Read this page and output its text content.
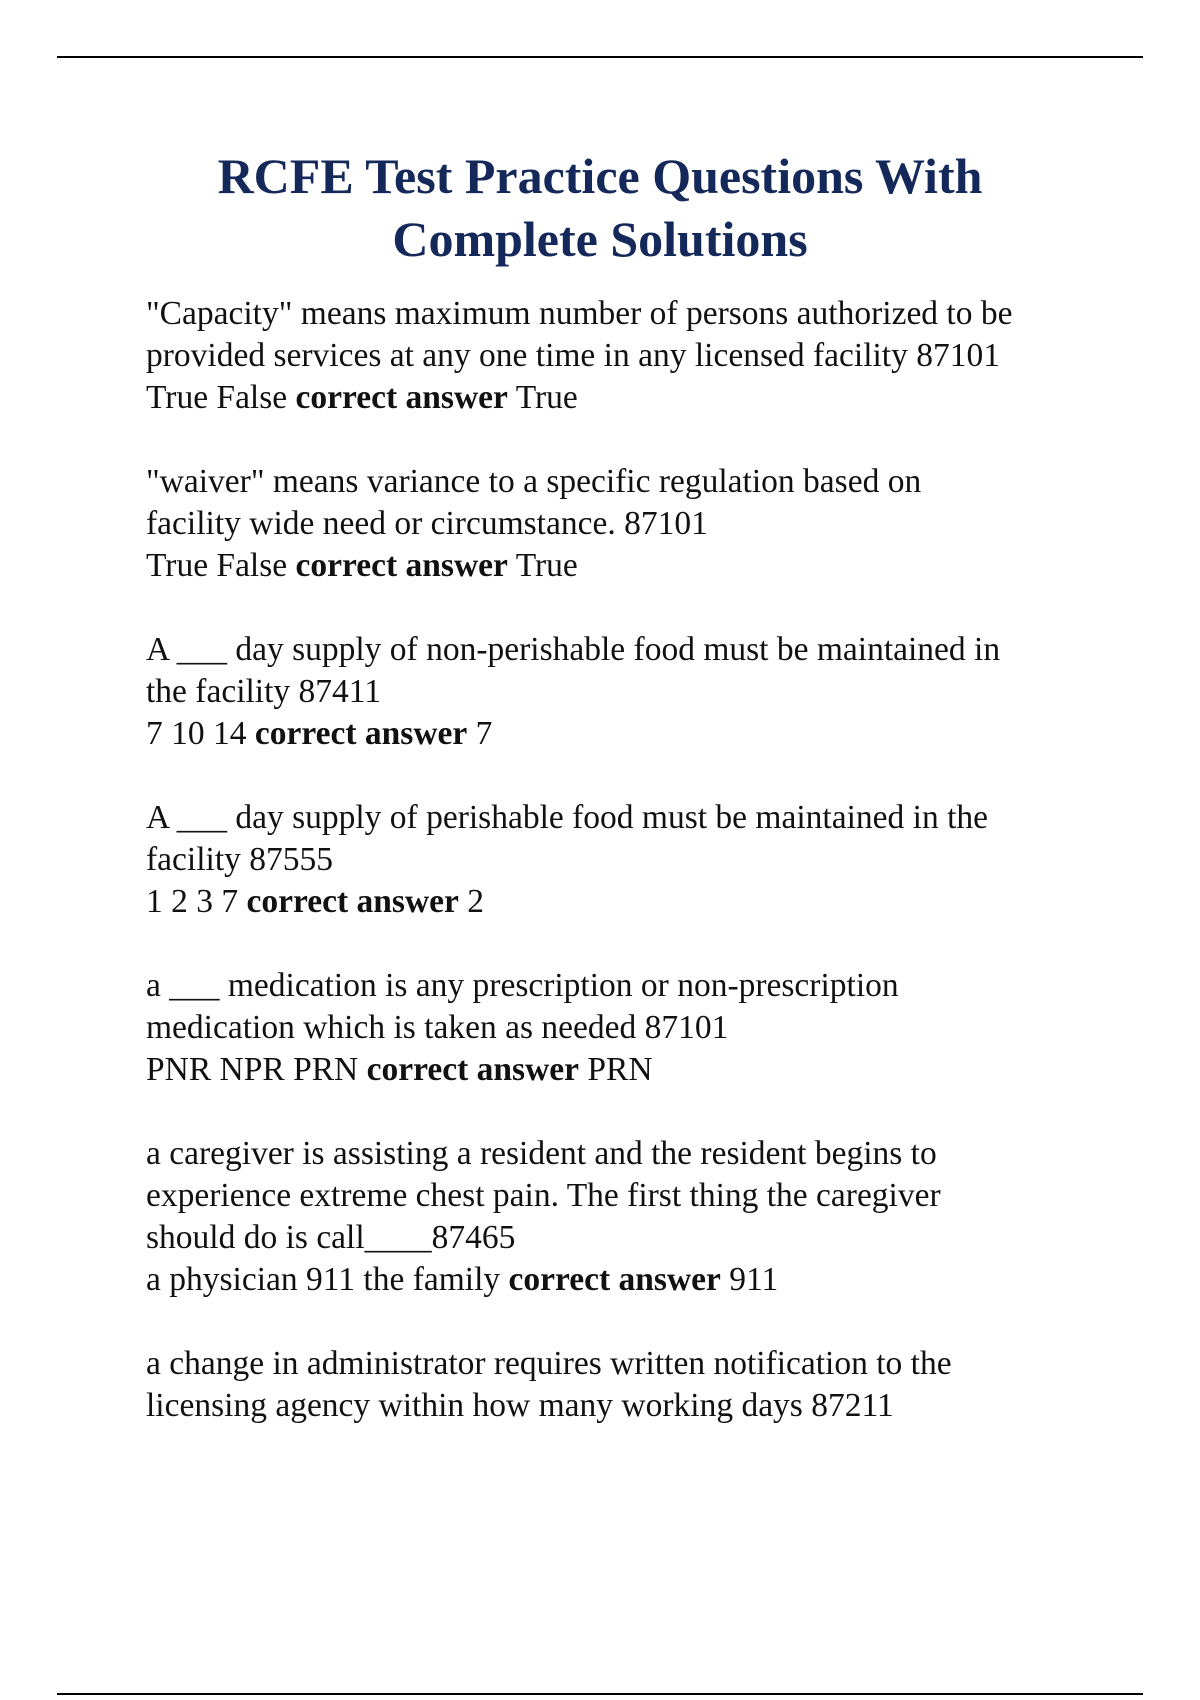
RCFE Test Practice Questions With
Complete Solutions

"Capacity" means maximum number of persons authorized to be
provided services at any one time in any licensed facility 87101
True False correct answer True

"waiver" means variance to a specific regulation based on
facility wide need or circumstance. 87101
True False correct answer True

A ___ day supply of non-perishable food must be maintained in
the facility 87411
7 10 14 correct answer 7

A ___ day supply of perishable food must be maintained in the
facility 87555
1 2 3 7 correct answer 2

a ___ medication is any prescription or non-prescription
medication which is taken as needed 87101
PNR NPR PRN correct answer PRN

a caregiver is assisting a resident and the resident begins to
experience extreme chest pain. The first thing the caregiver
should do is call____87465
a physician 911 the family correct answer 911

a change in administrator requires written notification to the
licensing agency within how many working days 87211
